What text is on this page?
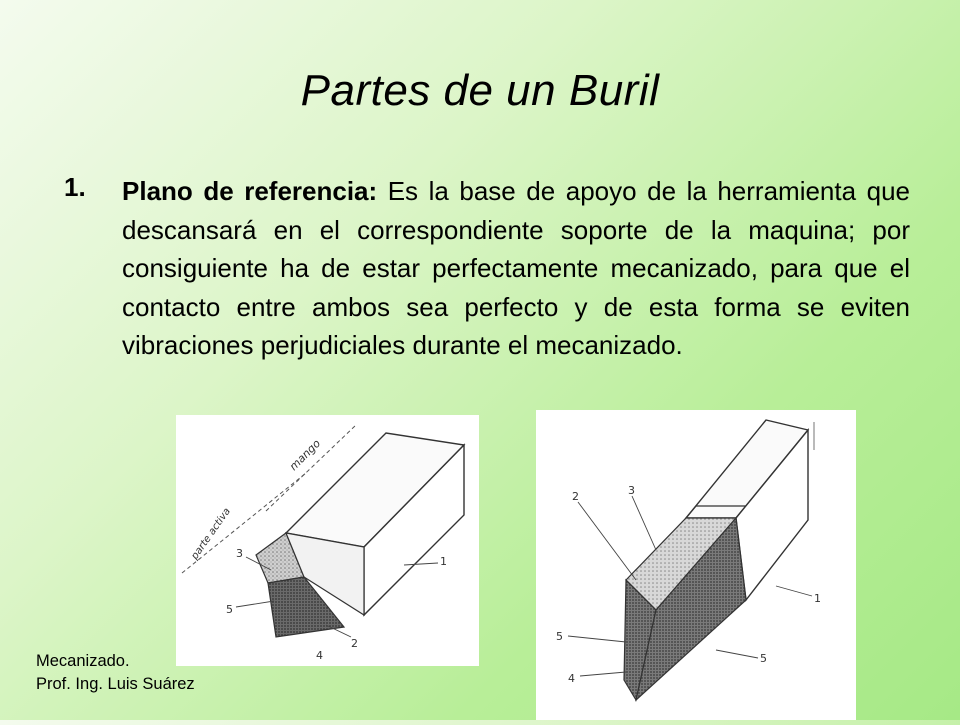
Partes de un Buril
1. Plano de referencia: Es la base de apoyo de la herramienta que descansará en el correspondiente soporte de la maquina; por consiguiente ha de estar perfectamente mecanizado, para que el contacto entre ambos sea perfecto y de esta forma se eviten vibraciones perjudiciales durante el mecanizado.
mango
parte activa 3
5
2
4
1
2	3
5
4
5
1
Mecanizado.
Prof. Ing. Luis Suárez
